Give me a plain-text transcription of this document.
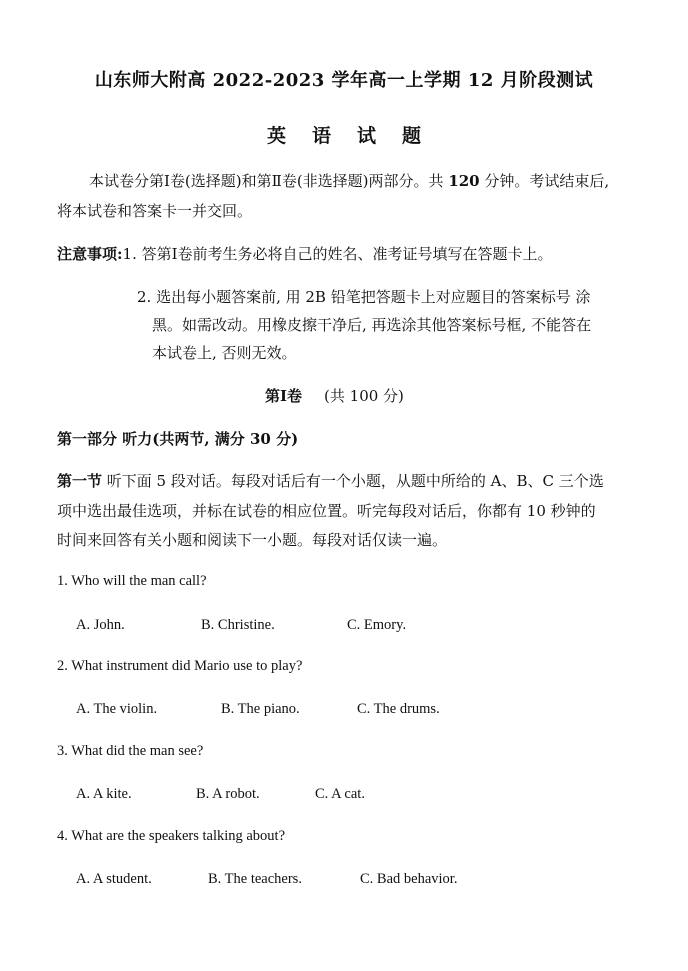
山东师大附高 2022-2023 学年高一上学期 12 月阶段测试
英 语 试 题
本试卷分第Ⅰ卷(选择题)和第Ⅱ卷(非选择题)两部分。共 120 分钟。考试结束后,
将本试卷和答案卡一并交回。
注意事项:1. 答第Ⅰ卷前考生务必将自己的姓名、准考证号填写在答题卡上。
2. 选出每小题答案前, 用 2B 铅笔把答题卡上对应题目的答案标号 涂
黑。如需改动。用橡皮擦干净后, 再选涂其他答案标号框, 不能答在
本试卷上, 否则无效。
第Ⅰ卷 (共 100 分)
第一部分 听力(共两节, 满分 30 分)
第一节 听下面 5 段对话。每段对话后有一个小题，从题中所给的 A、B、C 三个选
项中选出最佳选项，并标在试卷的相应位置。听完每段对话后，你都有 10 秒钟的
时间来回答有关小题和阅读下一小题。每段对话仅读一遍。
1. Who will the man call?
A. John.	B. Christine.	C. Emory.
2. What instrument did Mario use to play?
A. The violin.	B. The piano.	C. The drums.
3. What did the man see?
A. A kite.	B. A robot.	C. A cat.
4. What are the speakers talking about?
A. A student.	B. The teachers.	C. Bad behavior.
